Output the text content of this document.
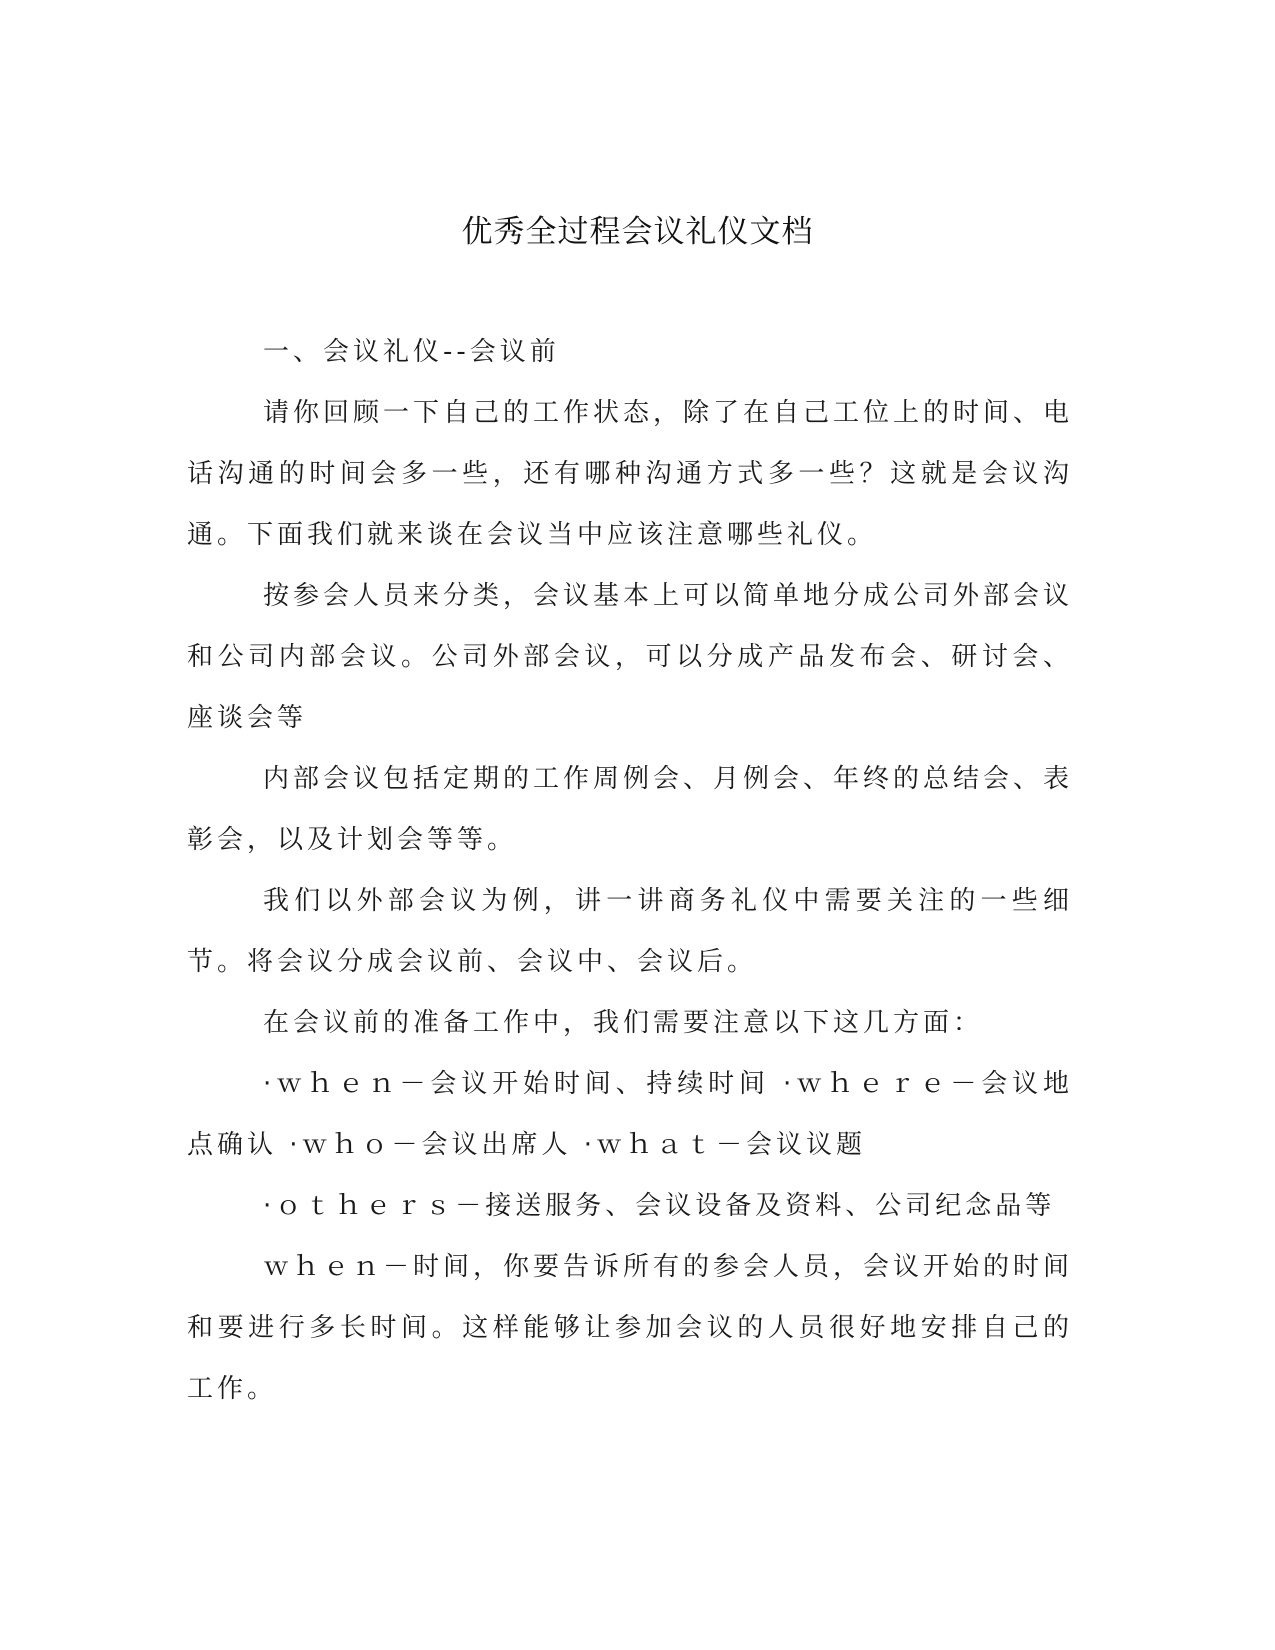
优秀全过程会议礼仪文档

一、会议礼仪--会议前

请你回顾一下自己的工作状态，除了在自己工位上的时间、电话沟通的时间会多一些，还有哪种沟通方式多一些？这就是会议沟通。下面我们就来谈在会议当中应该注意哪些礼仪。

按参会人员来分类，会议基本上可以简单地分成公司外部会议和公司内部会议。公司外部会议，可以分成产品发布会、研讨会、座谈会等

内部会议包括定期的工作周例会、月例会、年终的总结会、表彰会，以及计划会等等。

我们以外部会议为例，讲一讲商务礼仪中需要关注的一些细节。将会议分成会议前、会议中、会议后。

在会议前的准备工作中，我们需要注意以下这几方面：

·ｗｈｅｎ－会议开始时间、持续时间 ·ｗｈｅｒｅ－会议地点确认 ·ｗｈｏ－会议出席人 ·ｗｈａｔ－会议议题

·ｏｔｈｅｒｓ－接送服务、会议设备及资料、公司纪念品等

ｗｈｅｎ－时间，你要告诉所有的参会人员，会议开始的时间和要进行多长时间。这样能够让参加会议的人员很好地安排自己的工作。
